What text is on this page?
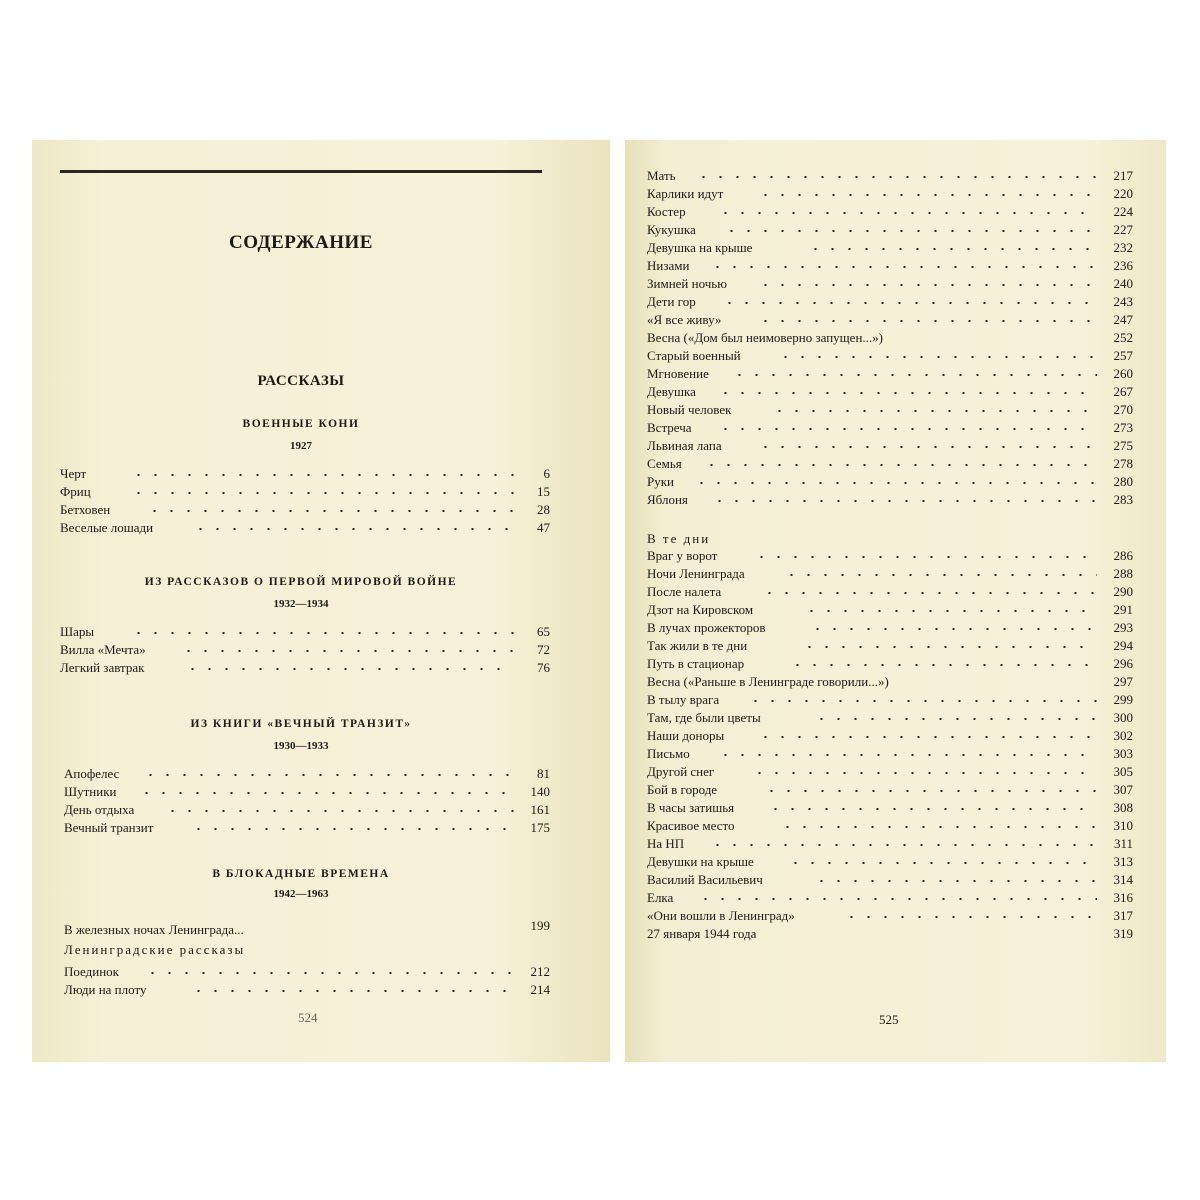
СОДЕРЖАНИЕ
РАССКАЗЫ
ВОЕННЫЕ КОНИ
1927
Черт	6
Фриц	15
Бетховен	28
Веселые лошади	47
ИЗ РАССКАЗОВ О ПЕРВОЙ МИРОВОЙ ВОЙНЕ
1932—1934
Шары	65
Вилла «Мечта»	72
Легкий завтрак	76
ИЗ КНИГИ «ВЕЧНЫЙ ТРАНЗИТ»
1930—1933
Апофелес	81
Шутники	140
День отдыха	161
Вечный транзит	175
В БЛОКАДНЫЕ ВРЕМЕНА
1942—1963
В железных ночах Ленинграда...	199
Ленинградские рассказы
Поединок	212
Люди на плоту	214
524
Мать	217
Карлики идут	220
Костер	224
Кукушка	227
Девушка на крыше	232
Низами	236
Зимней ночью	240
Дети гор	243
«Я все живу»	247
Весна («Дом был неимоверно запущен...»)	252
Старый военный	257
Мгновение	260
Девушка	267
Новый человек	270
Встреча	273
Львиная лапа	275
Семья	278
Руки	280
Яблоня	283
В те дни
Враг у ворот	286
Ночи Ленинграда	288
После налета	290
Дзот на Кировском	291
В лучах прожекторов	293
Так жили в те дни	294
Путь в стационар	296
Весна («Раньше в Ленинграде говорили...»)	297
В тылу врага	299
Там, где были цветы	300
Наши доноры	302
Письмо	303
Другой снег	305
Бой в городе	307
В часы затишья	308
Красивое место	310
На НП	311
Девушки на крыше	313
Василий Васильевич	314
Елка	316
«Они вошли в Ленинград»	317
27 января 1944 года	319
525
